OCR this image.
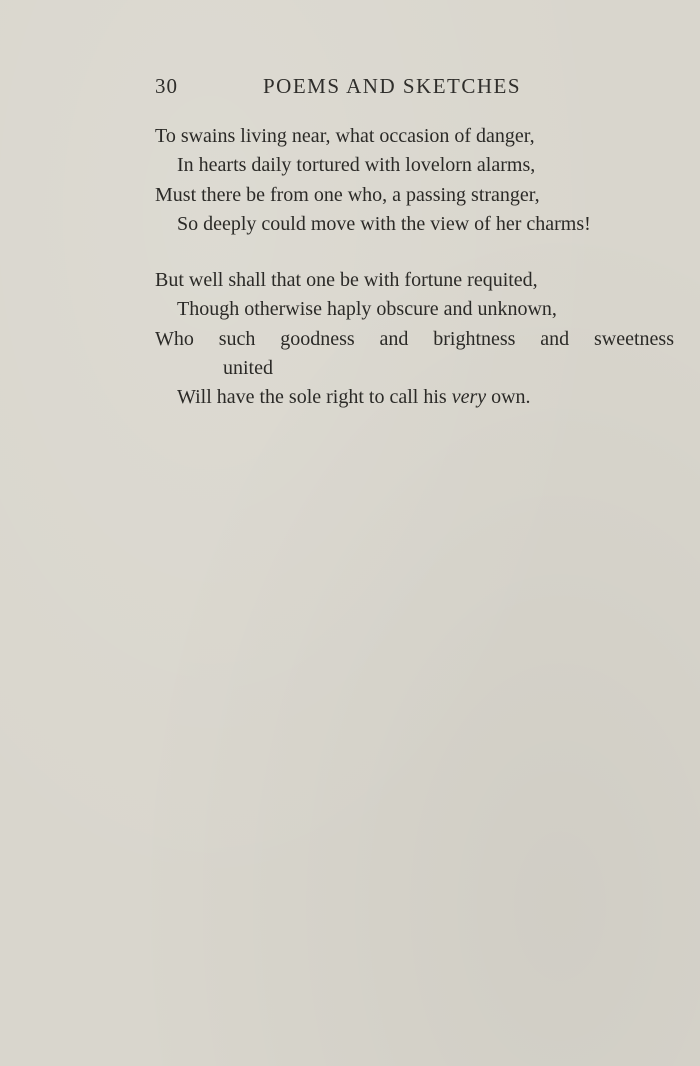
30	POEMS AND SKETCHES
To swains living near, what occasion of danger,
In hearts daily tortured with lovelorn alarms,
Must there be from one who, a passing stranger,
So deeply could move with the view of her charms!
But well shall that one be with fortune requited,
Though otherwise haply obscure and unknown,
Who such goodness and brightness and sweetness
united
Will have the sole right to call his very own.
